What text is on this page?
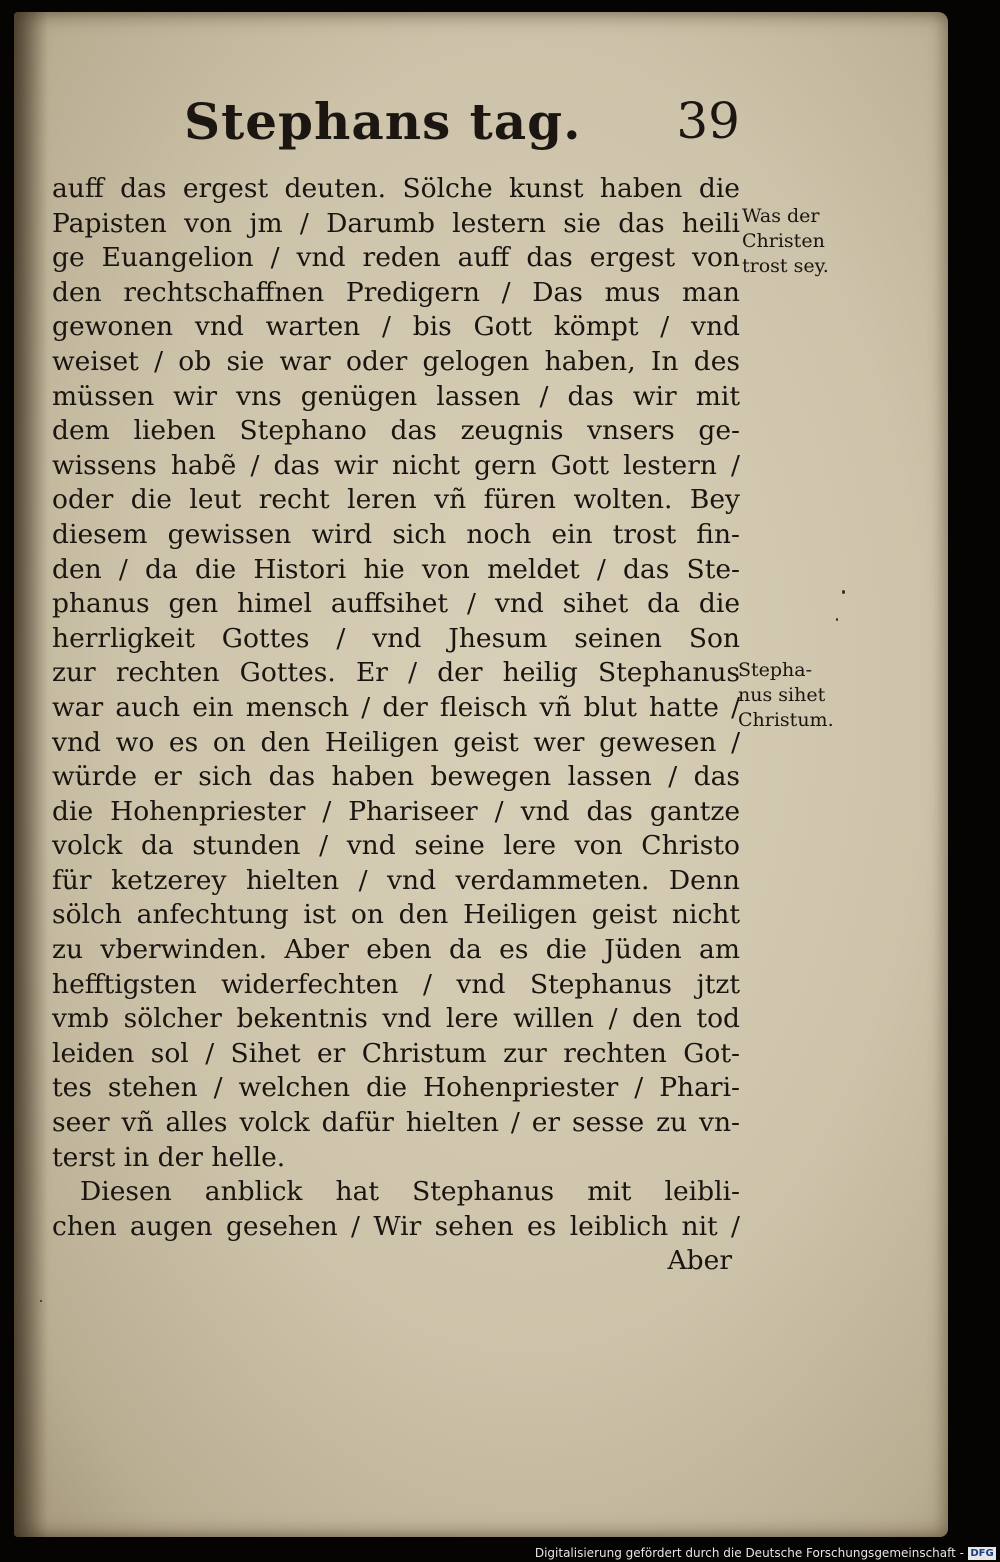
Stephans tag. 39
auff das ergest deuten. Sölche kunst haben die
Papisten von jm / Darumb lestern sie das heili
ge Euangelion / vnd reden auff das ergest von
den rechtschaffnen Predigern / Das mus man
gewonen vnd warten / bis Gott kömpt / vnd
weiset / ob sie war oder gelogen haben, In des
müssen wir vns genügen lassen / das wir mit
dem lieben Stephano das zeugnis vnsers ge-
wissens habẽ / das wir nicht gern Gott lestern /
oder die leut recht leren vñ füren wolten. Bey
diesem gewissen wird sich noch ein trost fin-
den / da die Histori hie von meldet / das Ste-
phanus gen himel auffsihet / vnd sihet da die
herrligkeit Gottes / vnd Jhesum seinen Son
zur rechten Gottes. Er / der heilig Stephanus
war auch ein mensch / der fleisch vñ blut hatte /
vnd wo es on den Heiligen geist wer gewesen /
würde er sich das haben bewegen lassen / das
die Hohenpriester / Phariseer / vnd das gantze
volck da stunden / vnd seine lere von Christo
für ketzerey hielten / vnd verdammeten. Denn
sölch anfechtung ist on den Heiligen geist nicht
zu vberwinden. Aber eben da es die Jüden am
hefftigsten widerfechten / vnd Stephanus jtzt
vmb sölcher bekentnis vnd lere willen / den tod
leiden sol / Sihet er Christum zur rechten Got-
tes stehen / welchen die Hohenpriester / Phari-
seer vñ alles volck dafür hielten / er sesse zu vn-
terst in der helle.
Diesen anblick hat Stephanus mit leibli-
chen augen gesehen / Wir sehen es leiblich nit /
Aber
Was der
Christen
trost sey.
Stepha-
nus sihet
Christum.
Digitalisierung gefördert durch die Deutsche Forschungsgemeinschaft - DFG
